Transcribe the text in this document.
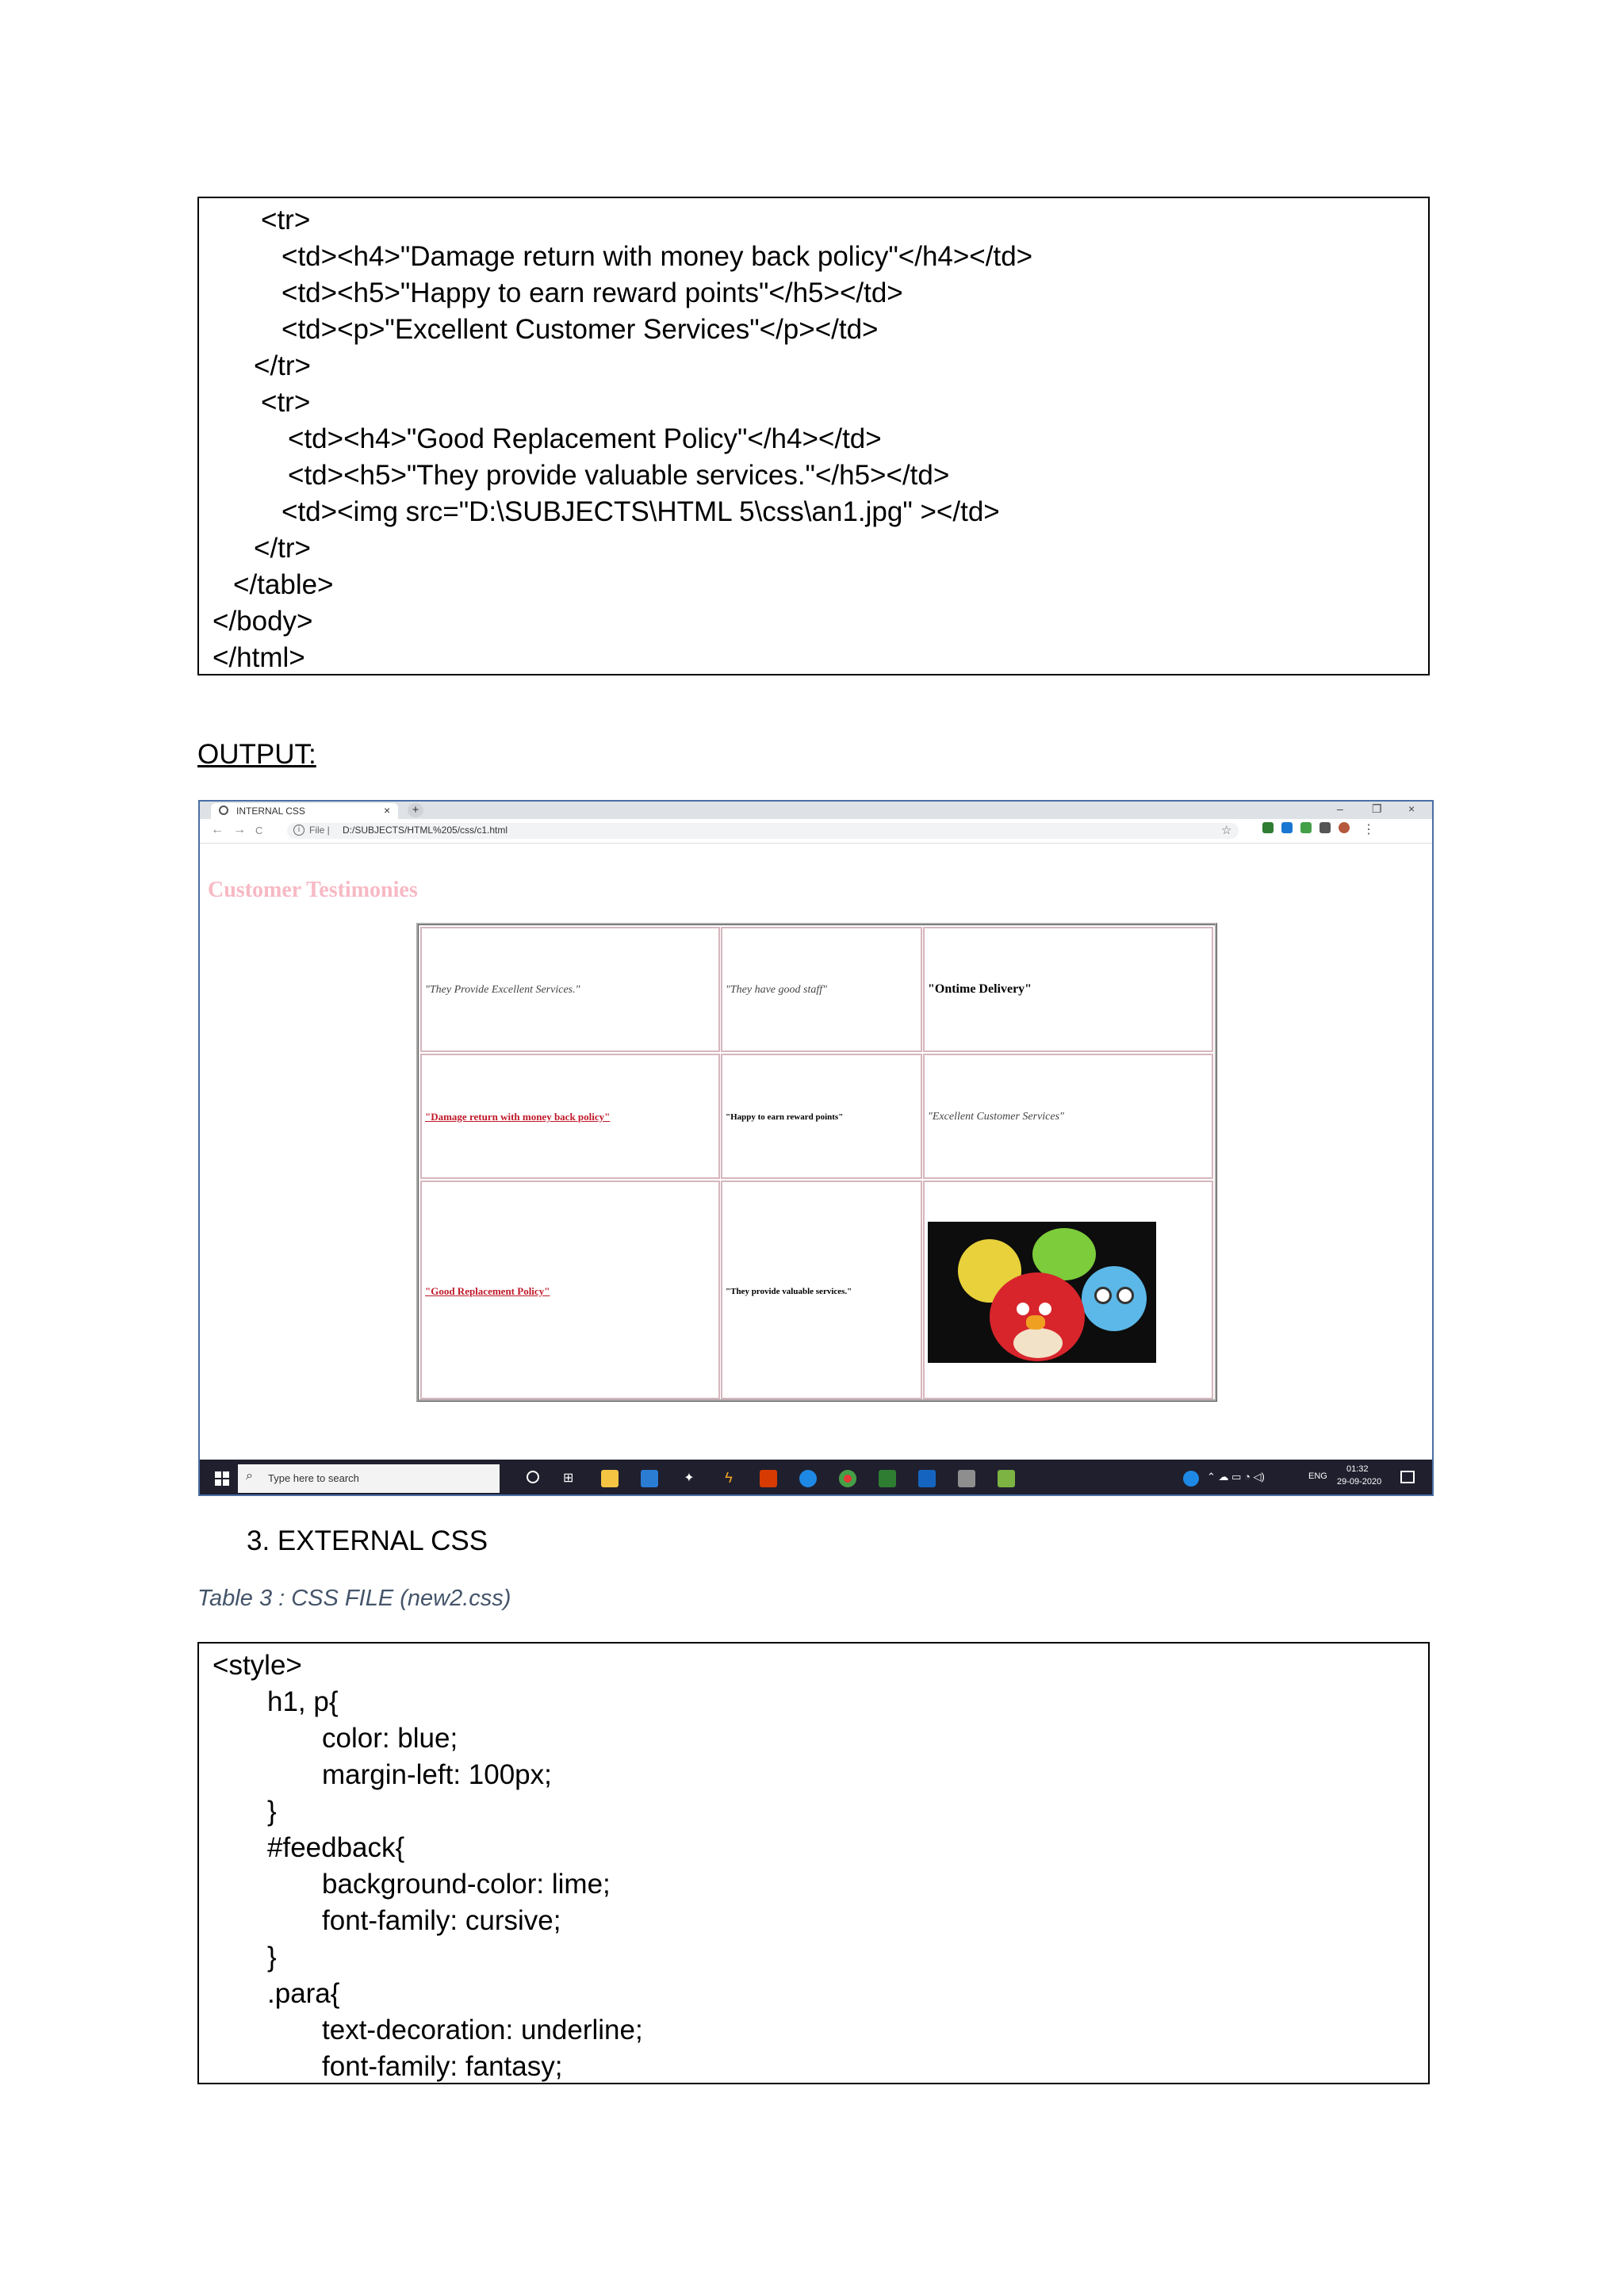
<tr>
<td><h4>"Damage return with money back policy"</h4></td>
<td><h5>"Happy to earn reward points"</h5></td>
<td><p>"Excellent Customer Services"</p></td>
</tr>
<tr>
<td><h4>"Good Replacement Policy"</h4></td>
<td><h5>"They provide valuable services."</h5></td>
<td><img src="D:\SUBJECTS\HTML 5\css\an1.jpg" ></td>
</tr>
</table>
</body>
</html>
OUTPUT:
INTERNAL CSS	×	+	–	❐ ×
← → C	i File | D:/SUBJECTS/HTML%205/css/c1.html	☆	⋮
Customer Testimonies
"They Provide Excellent Services."	"They have good staff"	"Ontime Delivery"
"Damage return with money back policy"	"Happy to earn reward points"	"Excellent Customer Services"
"Good Replacement Policy"	"They provide valuable services."
⌕ Type here to search	⊞	✦	ϟ	⌃ ☁ ▭ ◔ ◁)	ENG
01:32
29-09-2020
3. EXTERNAL CSS
Table 3 : CSS FILE (new2.css)
<style>
h1, p{
color: blue;
margin-left: 100px;
}
#feedback{
background-color: lime;
font-family: cursive;
}
.para{
text-decoration: underline;
font-family: fantasy;
